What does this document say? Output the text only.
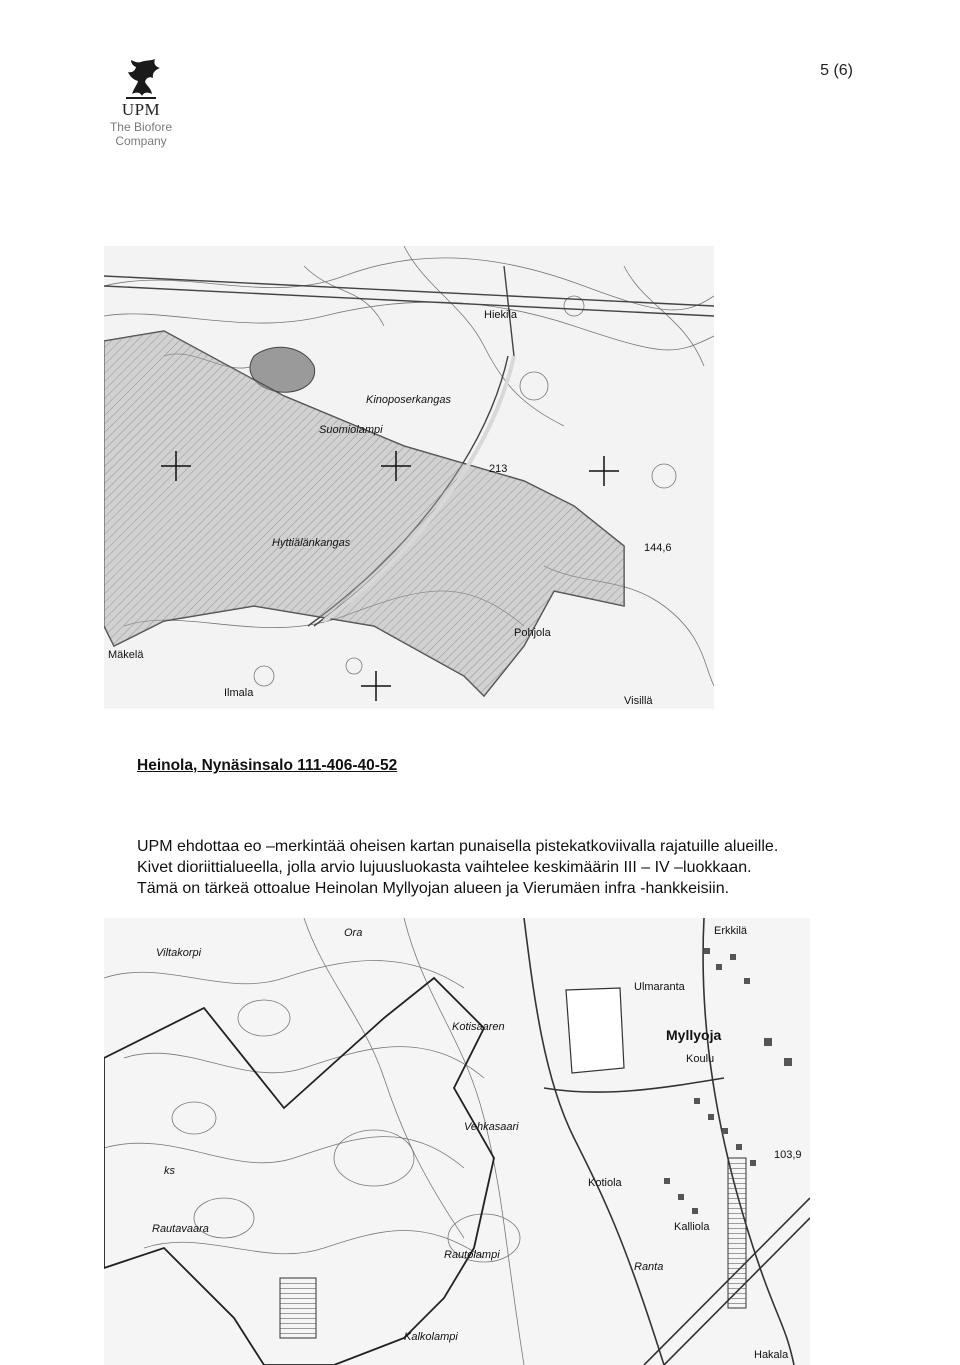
UPM
The Biofore
Company
5 (6)
Hiekila
Kinoposerkangas
Suomiolampi
Hyttiälänkangas
Pohjola
Mäkelä
Ilmala
Visillä
213
144,6
Heinola, Nynäsinsalo 111-406-40-52
UPM ehdottaa eo –merkintää oheisen kartan punaisella pistekatkoviivalla rajatuille alueille.
Kivet dioriittialueella, jolla arvio lujuusluokasta vaihtelee keskimäärin III – IV –luokkaan.
Tämä on tärkeä ottoalue Heinolan Myllyojan alueen ja Vierumäen infra -hankkeisiin.
Viltakorpi
Ora	Erkkilä
Ulmaranta
Myllyoja
Koulu
Kotisaaren
Vehkasaari
Kotiola
Kalliola
Rautavaara
Rautolampi
Ranta
Kalkolampi
Hakala
103,9
ks
